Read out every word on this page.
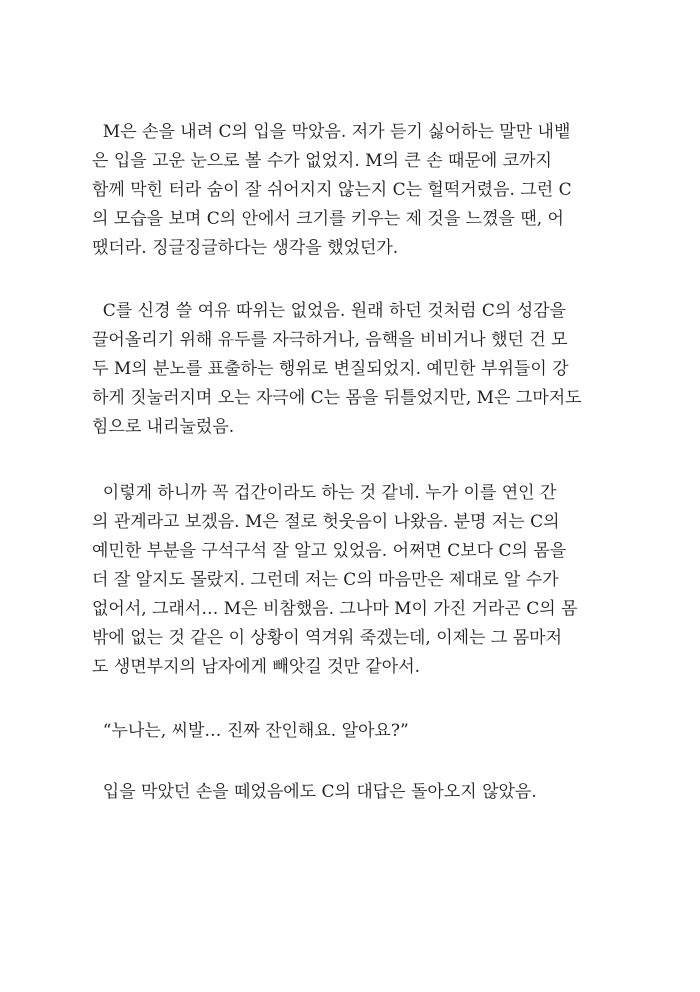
M은 손을 내려 C의 입을 막았음. 저가 듣기 싫어하는 말만 내뱉
은 입을 고운 눈으로 볼 수가 없었지. M의 큰 손 때문에 코까지
함께 막힌 터라 숨이 잘 쉬어지지 않는지 C는 헐떡거렸음. 그런 C
의 모습을 보며 C의 안에서 크기를 키우는 제 것을 느꼈을 땐, 어
땠더라. 징글징글하다는 생각을 했었던가.
C를 신경 쓸 여유 따위는 없었음. 원래 하던 것처럼 C의 성감을
끌어올리기 위해 유두를 자극하거나, 음핵을 비비거나 했던 건 모
두 M의 분노를 표출하는 행위로 변질되었지. 예민한 부위들이 강
하게 짓눌러지며 오는 자극에 C는 몸을 뒤틀었지만, M은 그마저도
힘으로 내리눌렀음.
이렇게 하니까 꼭 겁간이라도 하는 것 같네. 누가 이를 연인 간
의 관계라고 보겠음. M은 절로 헛웃음이 나왔음. 분명 저는 C의
예민한 부분을 구석구석 잘 알고 있었음. 어쩌면 C보다 C의 몸을
더 잘 알지도 몰랐지. 그런데 저는 C의 마음만은 제대로 알 수가
없어서, 그래서… M은 비참했음. 그나마 M이 가진 거라곤 C의 몸
밖에 없는 것 같은 이 상황이 역겨워 죽겠는데, 이제는 그 몸마저
도 생면부지의 남자에게 빼앗길 것만 같아서.
“누나는, 씨발… 진짜 잔인해요. 알아요?”
입을 막았던 손을 떼었음에도 C의 대답은 돌아오지 않았음.
